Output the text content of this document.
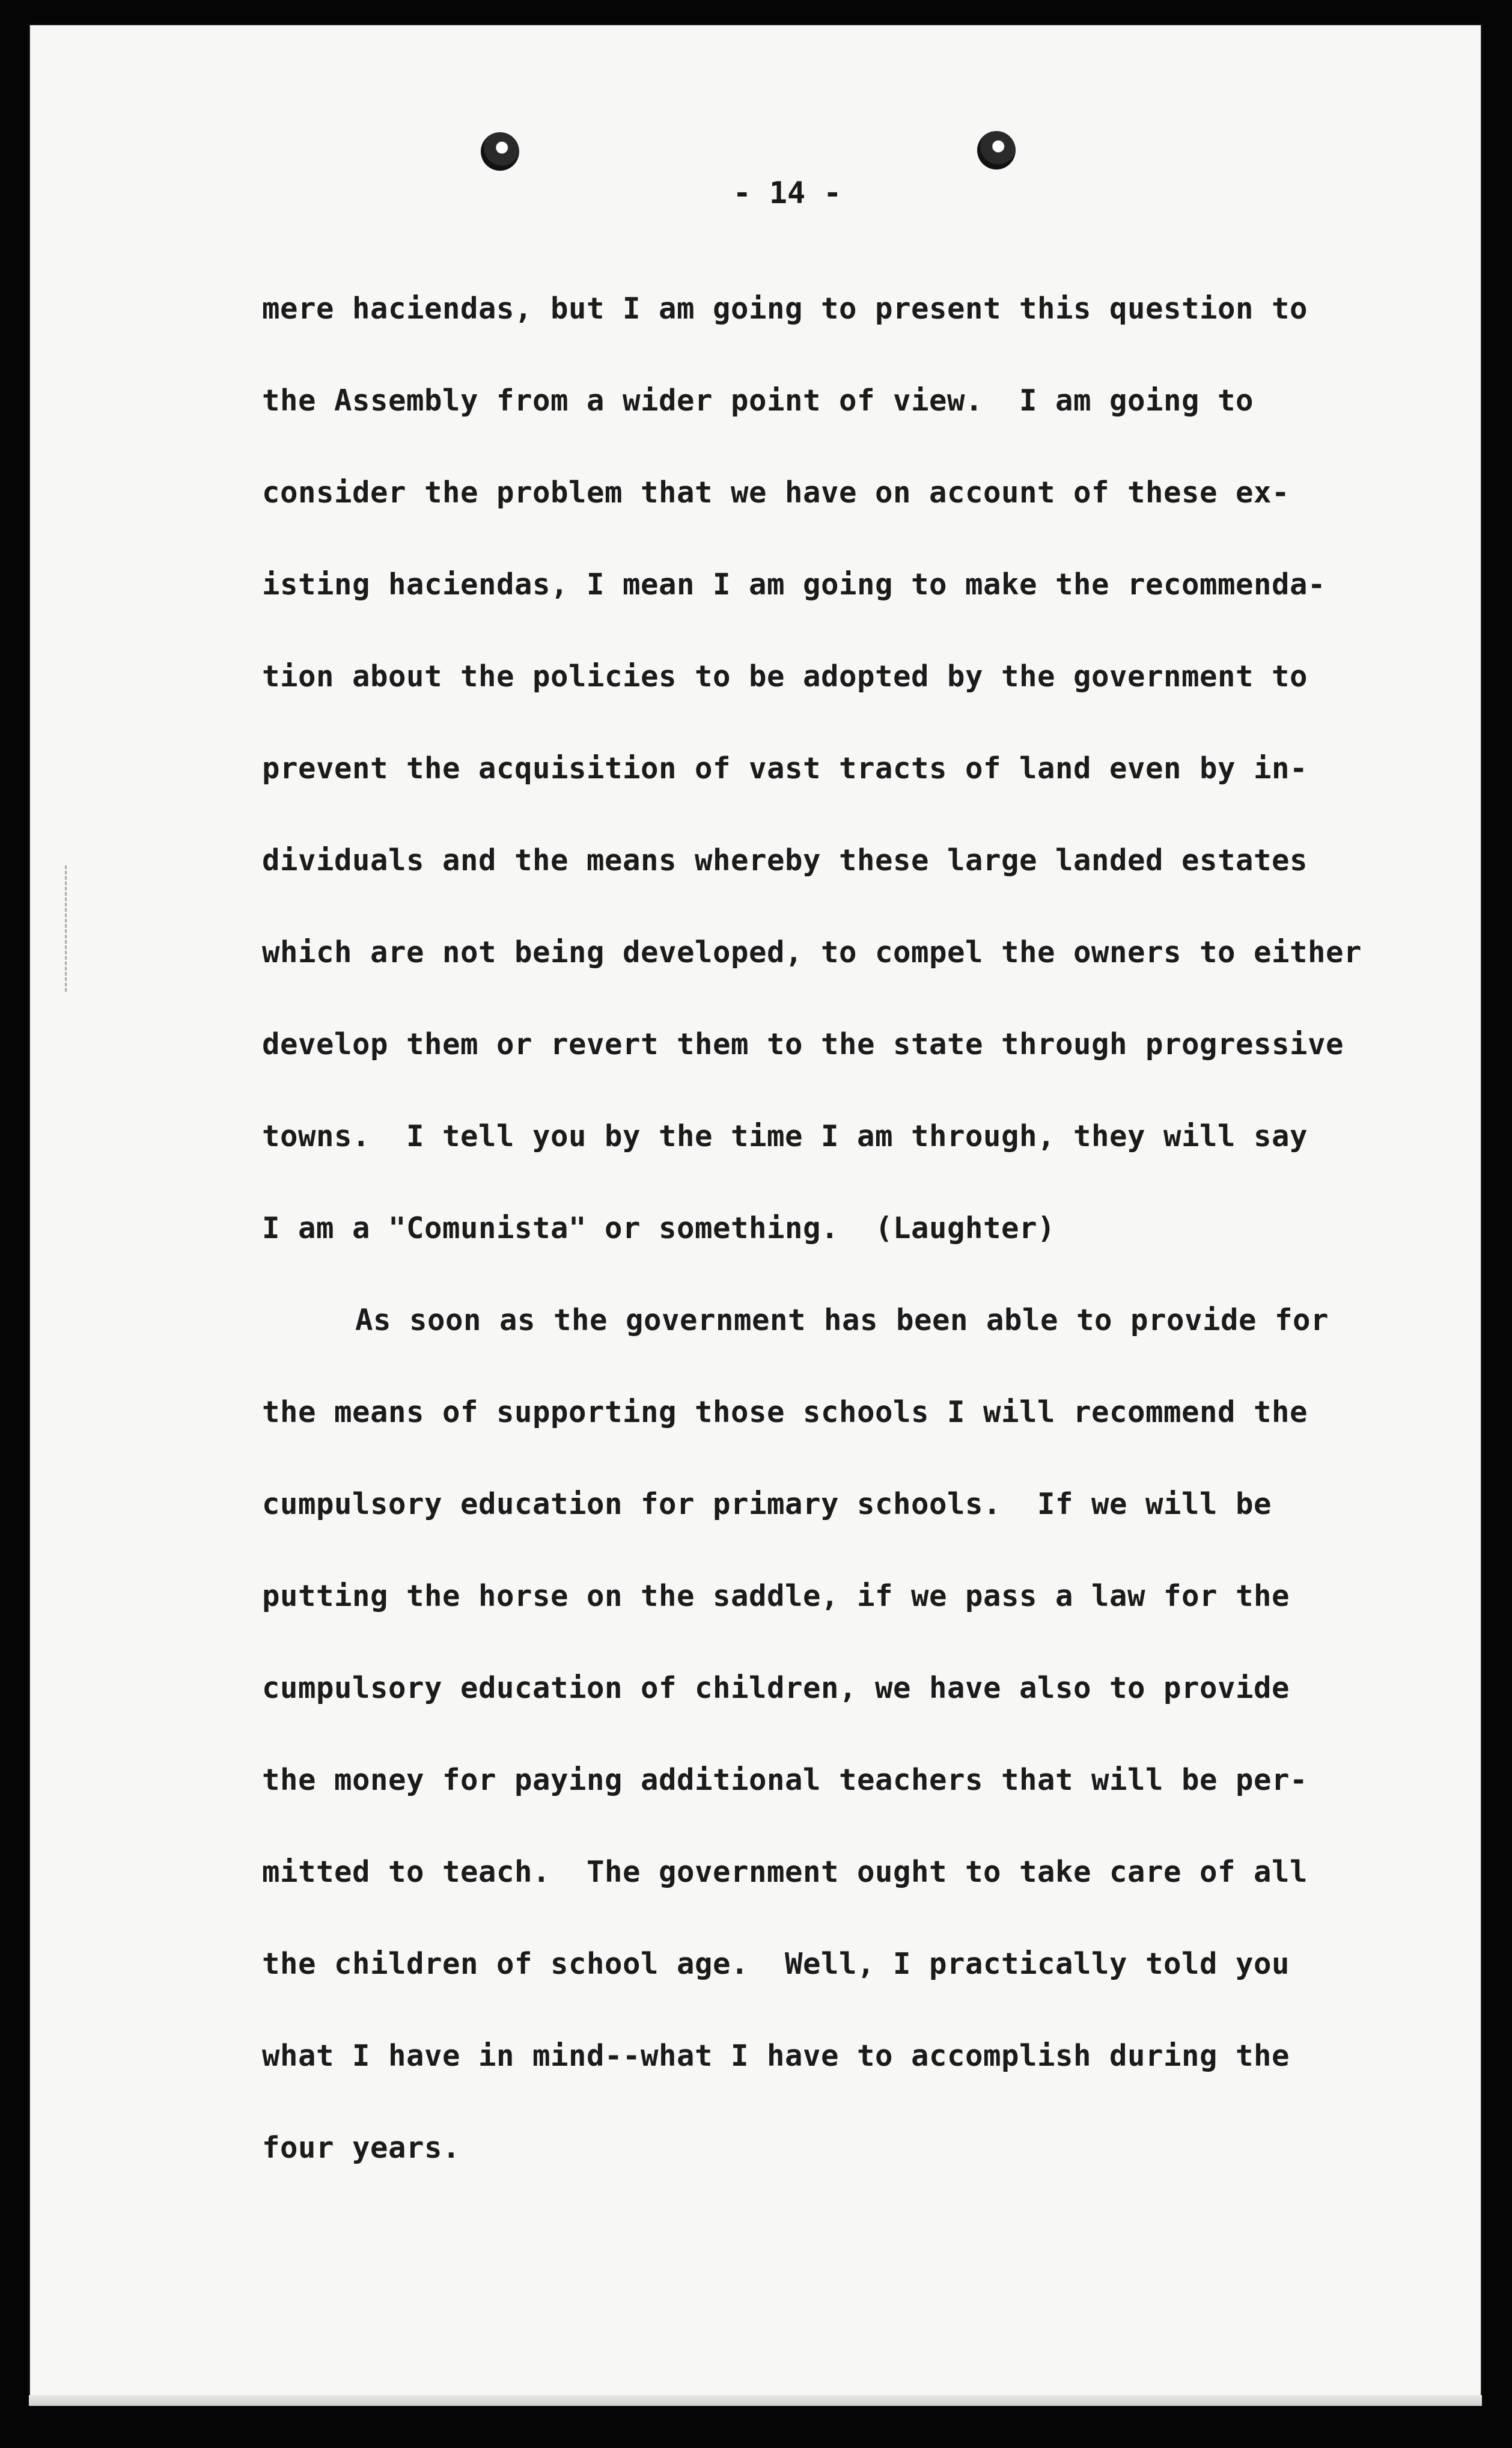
- 14 -
mere haciendas, but I am going to present this question to
the Assembly from a wider point of view.  I am going to
consider the problem that we have on account of these ex-
isting haciendas, I mean I am going to make the recommenda-
tion about the policies to be adopted by the government to
prevent the acquisition of vast tracts of land even by in-
dividuals and the means whereby these large landed estates
which are not being developed, to compel the owners to either
develop them or revert them to the state through progressive
towns.  I tell you by the time I am through, they will say
I am a "Comunista" or something.  (Laughter)
As soon as the government has been able to provide for
the means of supporting those schools I will recommend the
cumpulsory education for primary schools.  If we will be
putting the horse on the saddle, if we pass a law for the
cumpulsory education of children, we have also to provide
the money for paying additional teachers that will be per-
mitted to teach.  The government ought to take care of all
the children of school age.  Well, I practically told you
what I have in mind--what I have to accomplish during the
four years.
